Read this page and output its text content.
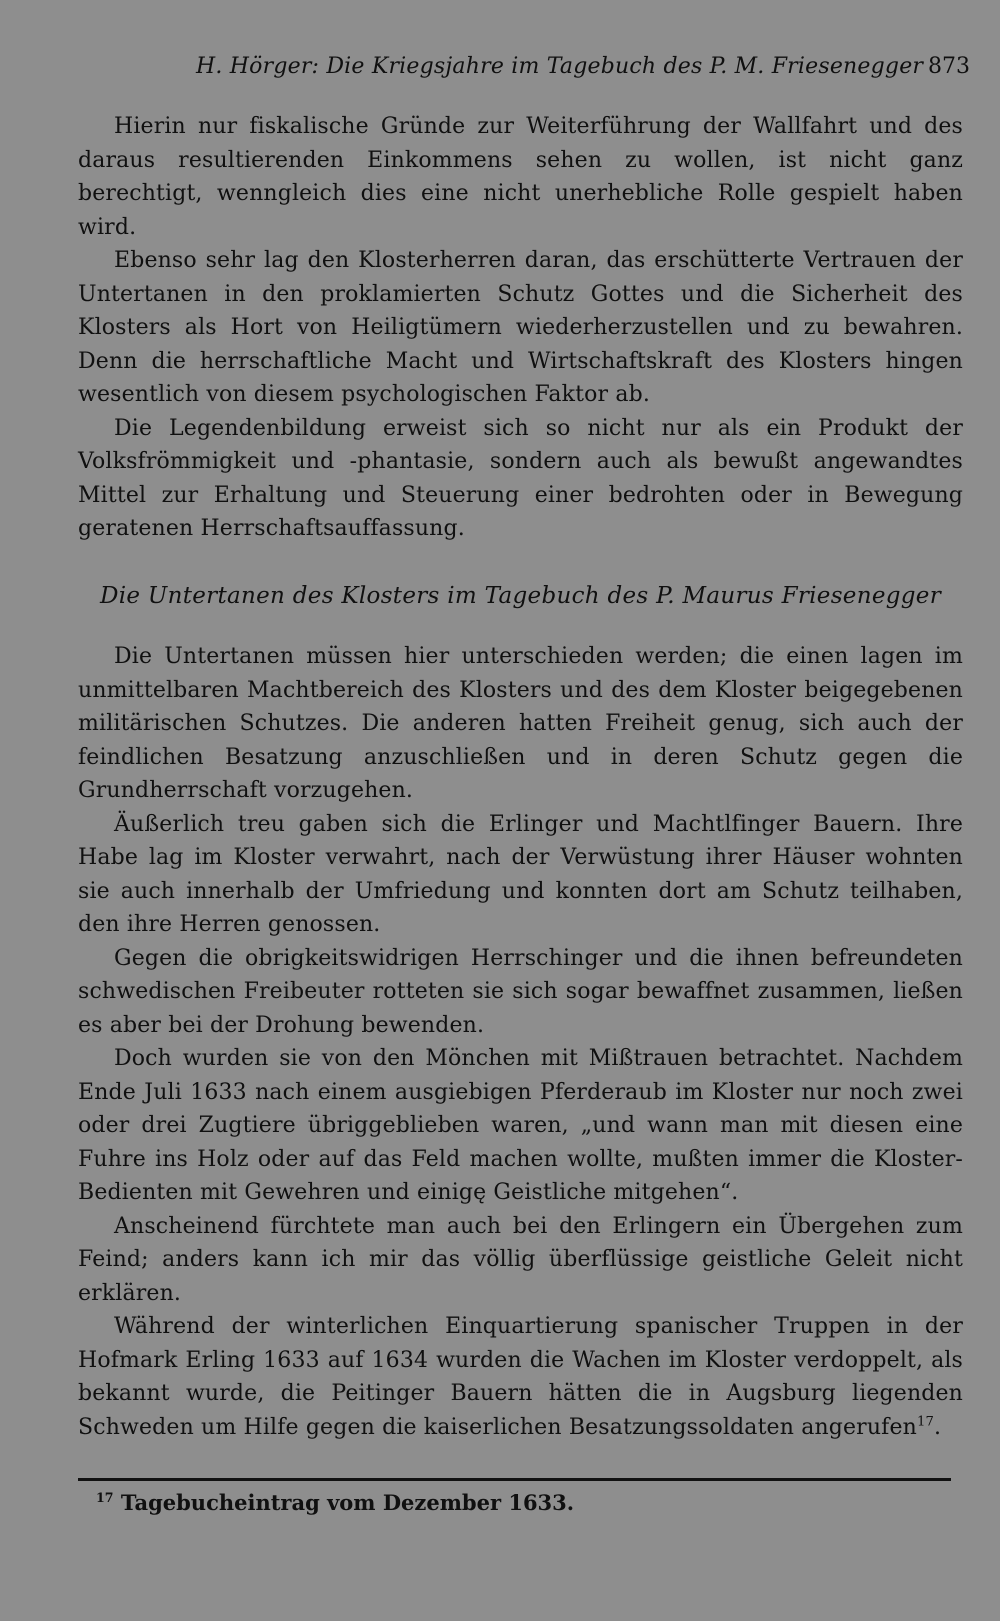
H. Hörger: Die Kriegsjahre im Tagebuch des P. M. Friesenegger 873

Hierin nur fiskalische Gründe zur Weiterführung der Wallfahrt und des daraus resultierenden Einkommens sehen zu wollen, ist nicht ganz berechtigt, wenngleich dies eine nicht unerhebliche Rolle gespielt haben wird.

Ebenso sehr lag den Klosterherren daran, das erschütterte Vertrauen der Untertanen in den proklamierten Schutz Gottes und die Sicherheit des Klosters als Hort von Heiligtümern wiederherzustellen und zu bewahren. Denn die herrschaftliche Macht und Wirtschaftskraft des Klosters hingen wesentlich von diesem psychologischen Faktor ab.

Die Legendenbildung erweist sich so nicht nur als ein Produkt der Volksfrömmigkeit und -phantasie, sondern auch als bewußt angewandtes Mittel zur Erhaltung und Steuerung einer bedrohten oder in Bewegung geratenen Herrschaftsauffassung.

Die Untertanen des Klosters im Tagebuch des P. Maurus Friesenegger

Die Untertanen müssen hier unterschieden werden; die einen lagen im unmittelbaren Machtbereich des Klosters und des dem Kloster beigegebenen militärischen Schutzes. Die anderen hatten Freiheit genug, sich auch der feindlichen Besatzung anzuschließen und in deren Schutz gegen die Grundherrschaft vorzugehen.

Äußerlich treu gaben sich die Erlinger und Machtlfinger Bauern. Ihre Habe lag im Kloster verwahrt, nach der Verwüstung ihrer Häuser wohnten sie auch innerhalb der Umfriedung und konnten dort am Schutz teilhaben, den ihre Herren genossen.

Gegen die obrigkeitswidrigen Herrschinger und die ihnen befreundeten schwedischen Freibeuter rotteten sie sich sogar bewaffnet zusammen, ließen es aber bei der Drohung bewenden.

Doch wurden sie von den Mönchen mit Mißtrauen betrachtet. Nachdem Ende Juli 1633 nach einem ausgiebigen Pferderaub im Kloster nur noch zwei oder drei Zugtiere übriggeblieben waren, „und wann man mit diesen eine Fuhre ins Holz oder auf das Feld machen wollte, mußten immer die Kloster-Bedienten mit Gewehren und einigę Geistliche mitgehen“.

Anscheinend fürchtete man auch bei den Erlingern ein Übergehen zum Feind; anders kann ich mir das völlig überflüssige geistliche Geleit nicht erklären.

Während der winterlichen Einquartierung spanischer Truppen in der Hofmark Erling 1633 auf 1634 wurden die Wachen im Kloster verdoppelt, als bekannt wurde, die Peitinger Bauern hätten die in Augsburg liegenden Schweden um Hilfe gegen die kaiserlichen Besatzungssoldaten angerufen$^{17}$.

$^{17}$ Tagebucheintrag vom Dezember 1633.
